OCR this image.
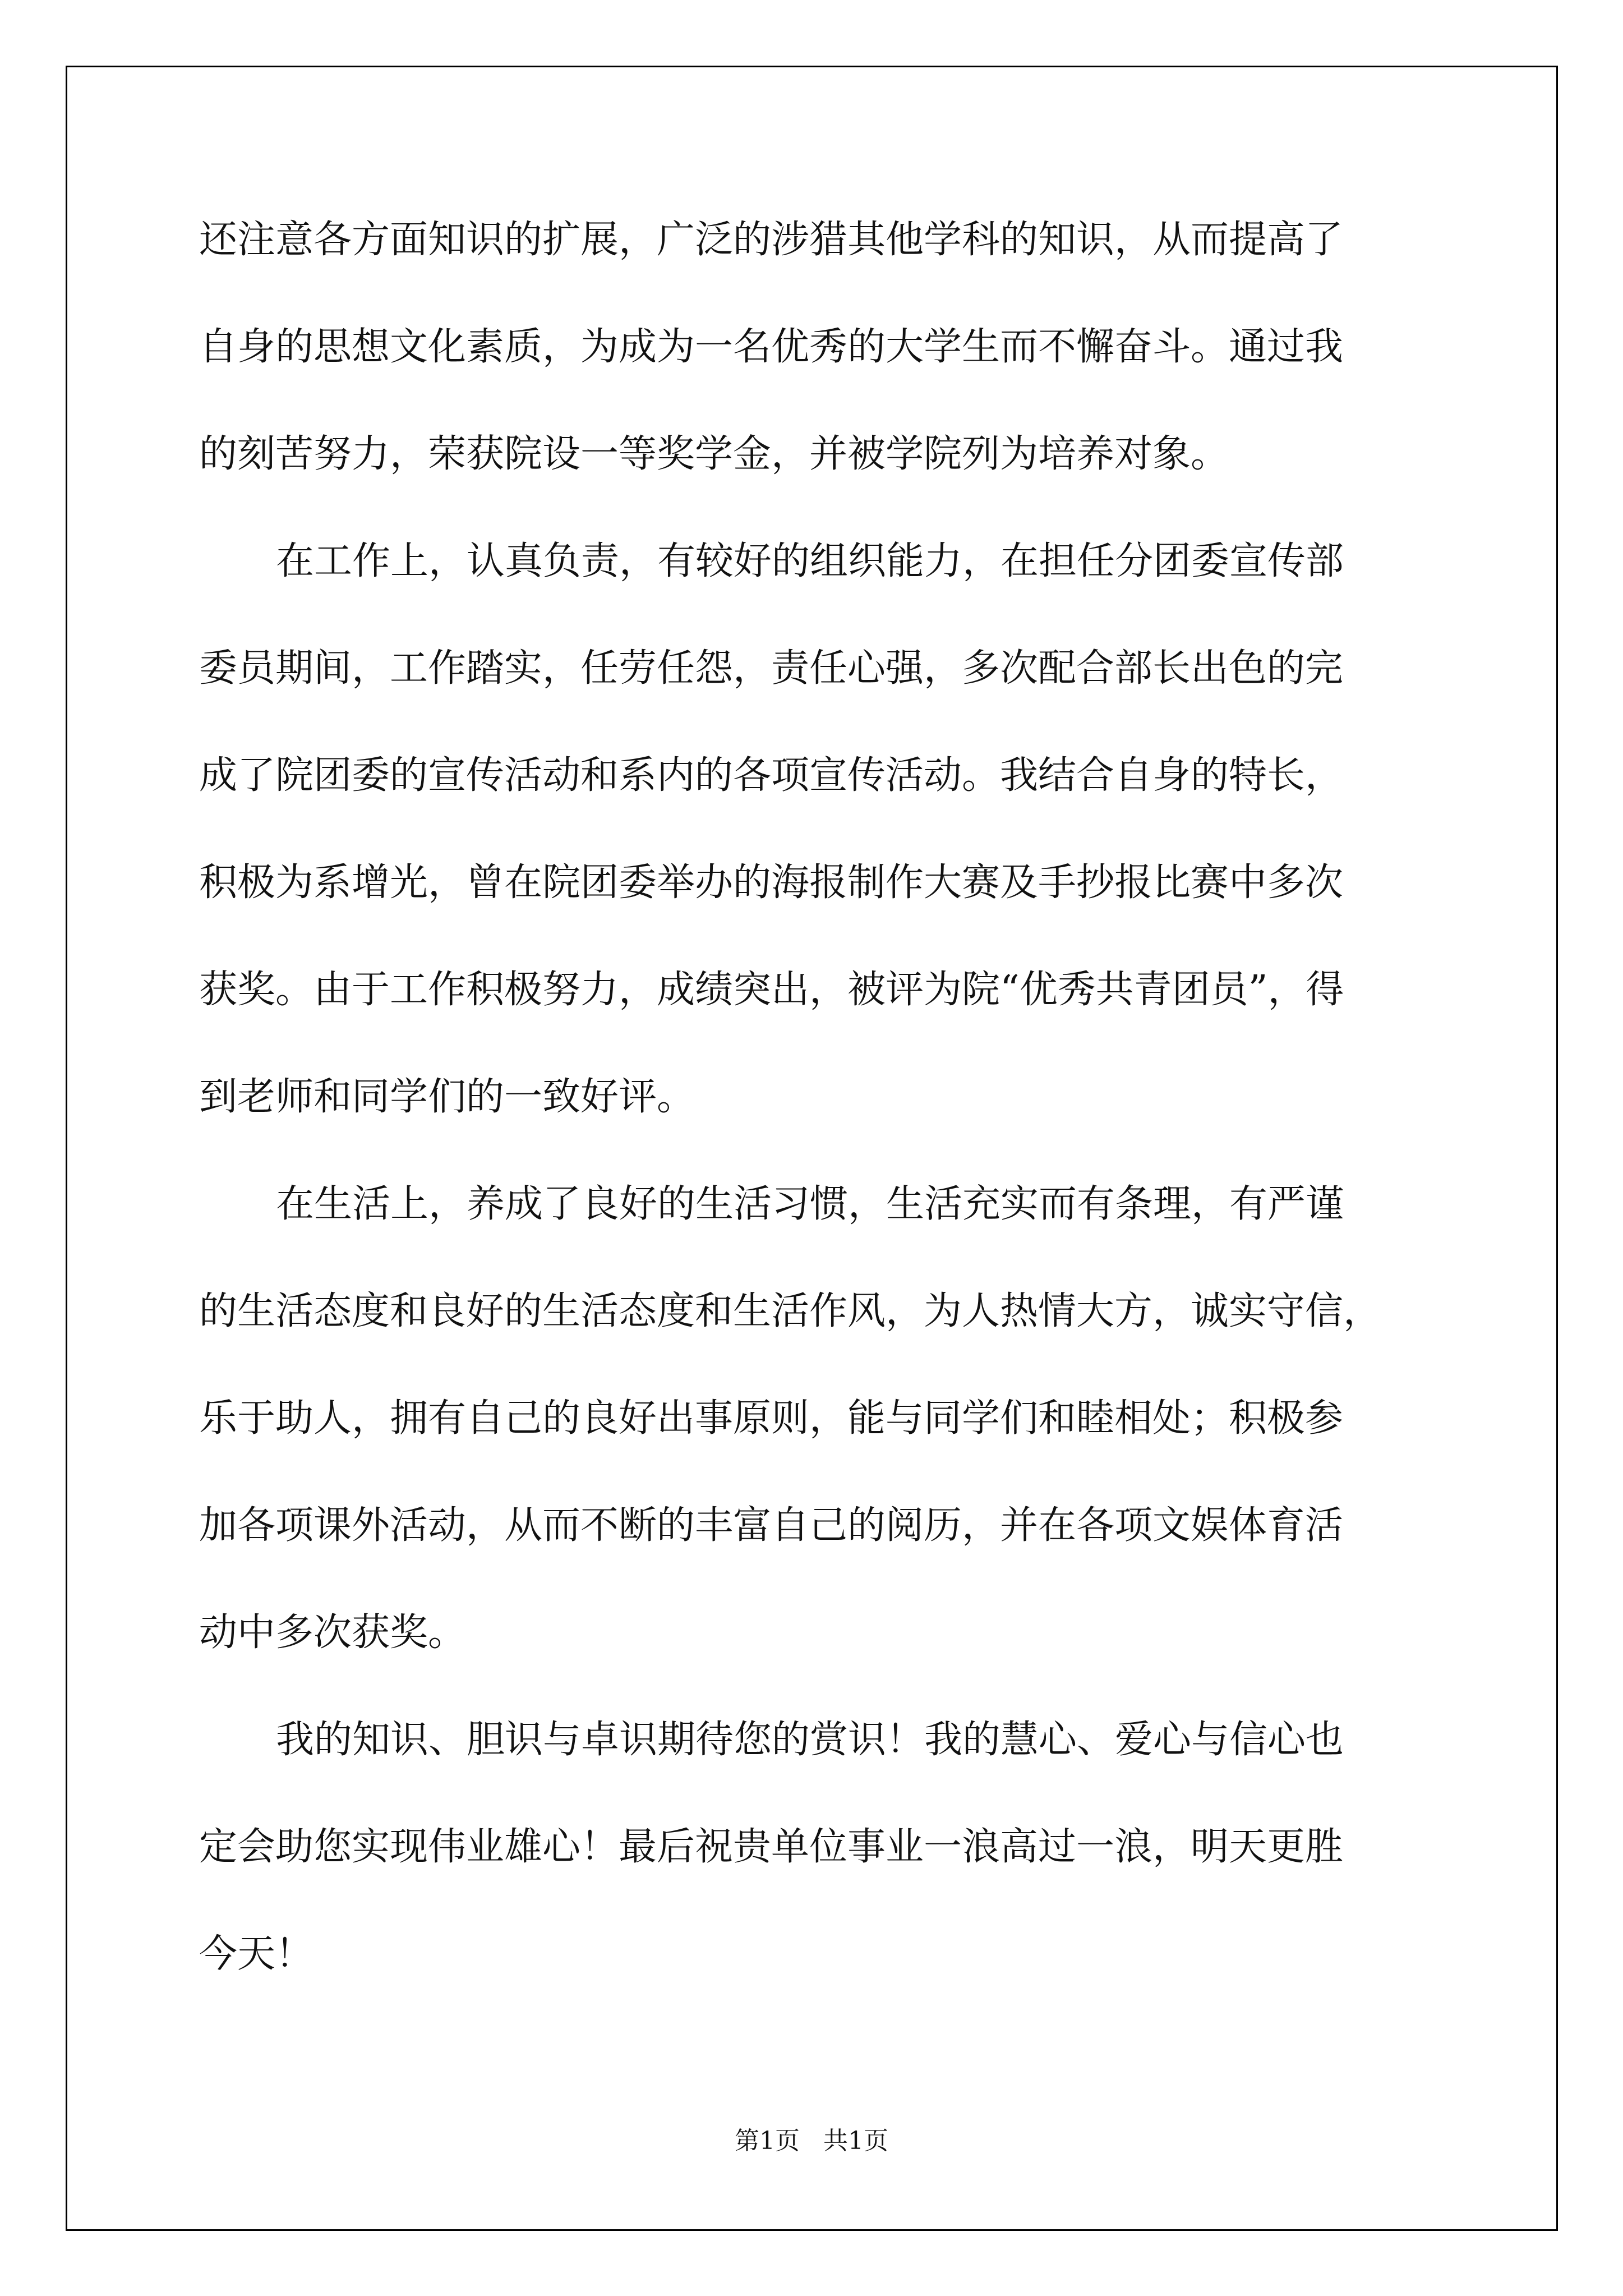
还注意各方面知识的扩展，广泛的涉猎其他学科的知识，从而提高了
自身的思想文化素质，为成为一名优秀的大学生而不懈奋斗。通过我
的刻苦努力，荣获院设一等奖学金，并被学院列为培养对象。
在工作上，认真负责，有较好的组织能力，在担任分团委宣传部
委员期间，工作踏实，任劳任怨，责任心强，多次配合部长出色的完
成了院团委的宣传活动和系内的各项宣传活动。我结合自身的特长，
积极为系增光，曾在院团委举办的海报制作大赛及手抄报比赛中多次
获奖。由于工作积极努力，成绩突出，被评为院“优秀共青团员”，得
到老师和同学们的一致好评。
在生活上，养成了良好的生活习惯，生活充实而有条理，有严谨
的生活态度和良好的生活态度和生活作风，为人热情大方，诚实守信，
乐于助人，拥有自己的良好出事原则，能与同学们和睦相处；积极参
加各项课外活动，从而不断的丰富自己的阅历，并在各项文娱体育活
动中多次获奖。
我的知识、胆识与卓识期待您的赏识！我的慧心、爱心与信心也
定会助您实现伟业雄心！最后祝贵单位事业一浪高过一浪，明天更胜
今天！
第1页   共1页
